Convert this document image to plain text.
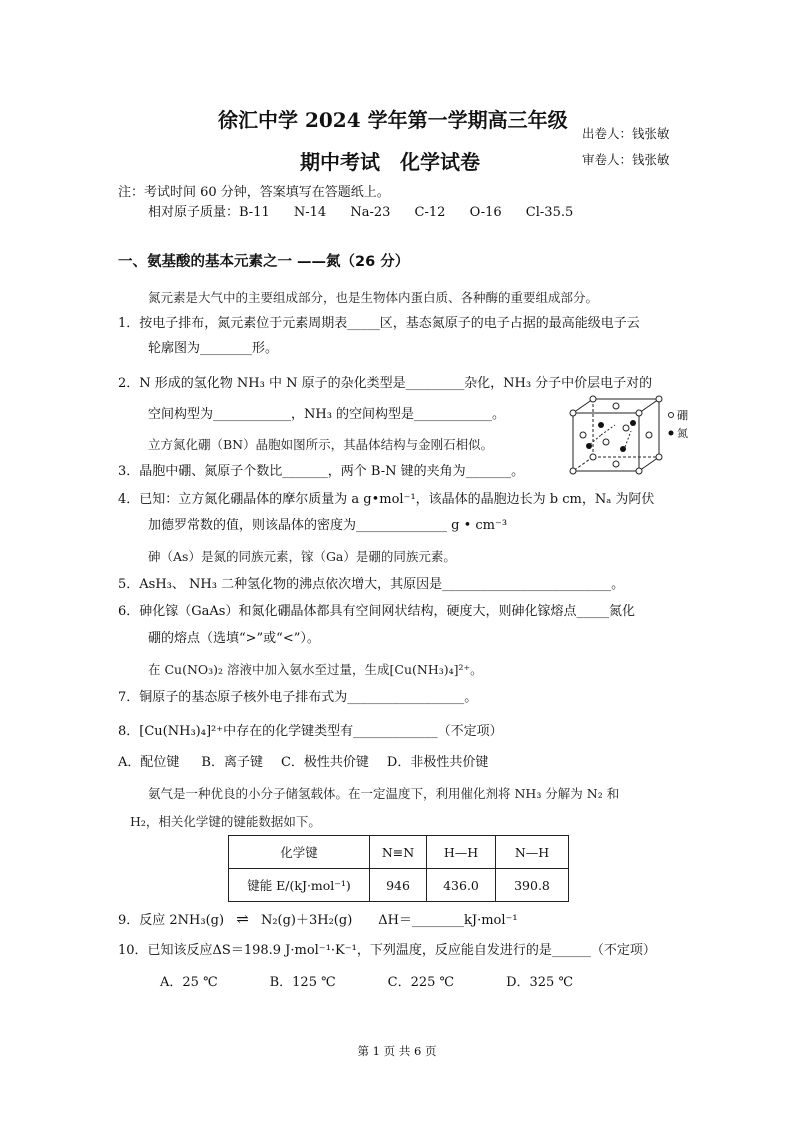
徐汇中学 2024 学年第一学期高三年级
期中考试　化学试卷
出卷人：钱张敏
审卷人：钱张敏
注：考试时间 60 分钟，答案填写在答题纸上。
相对原子质量：B-11 N-14 Na-23 C-12 O-16 Cl-35.5
一、氨基酸的基本元素之一 ——氮（26 分）
氮元素是大气中的主要组成部分，也是生物体内蛋白质、各种酶的重要组成部分。
1．按电子排布，氮元素位于元素周期表_____区，基态氮原子的电子占据的最高能级电子云
轮廓图为________形。
2．N 形成的氢化物 NH₃ 中 N 原子的杂化类型是_________杂化，NH₃ 分子中价层电子对的
空间构型为____________，NH₃ 的空间构型是____________。
立方氮化硼（BN）晶胞如图所示，其晶体结构与金刚石相似。
硼
氮
3．晶胞中硼、氮原子个数比_______，两个 B-N 键的夹角为_______。
4．已知：立方氮化硼晶体的摩尔质量为 a g•mol⁻¹，该晶体的晶胞边长为 b cm，Nₐ 为阿伏
加德罗常数的值，则该晶体的密度为______________ g • cm⁻³
砷（As）是氮的同族元素，镓（Ga）是硼的同族元素。
5．AsH₃、 NH₃ 二种氢化物的沸点依次增大，其原因是__________________________。
6．砷化镓（GaAs）和氮化硼晶体都具有空间网状结构，硬度大，则砷化镓熔点_____氮化
硼的熔点（选填“>”或“<”）。
在 Cu(NO₃)₂ 溶液中加入氨水至过量，生成[Cu(NH₃)₄]²⁺。
7．铜原子的基态原子核外电子排布式为__________________。
8．[Cu(NH₃)₄]²⁺中存在的化学键类型有_____________（不定项）
A．配位键 B．离子键 C．极性共价键 D．非极性共价键
氨气是一种优良的小分子储氢载体。在一定温度下，利用催化剂将 NH₃ 分解为 N₂ 和
H₂，相关化学键的键能数据如下。
化学键	N≡N	H—H	N—H
键能 E/(kJ·mol⁻¹)	946	436.0	390.8
9．反应 2NH₃(g) ⇌ N₂(g)＋3H₂(g)　　ΔH＝________kJ·mol⁻¹
10．已知该反应ΔS＝198.9 J·mol⁻¹·K⁻¹，下列温度，反应能自发进行的是______（不定项）
A．25 ℃	B．125 ℃	C．225 ℃	D．325 ℃
第 1 页 共 6 页
